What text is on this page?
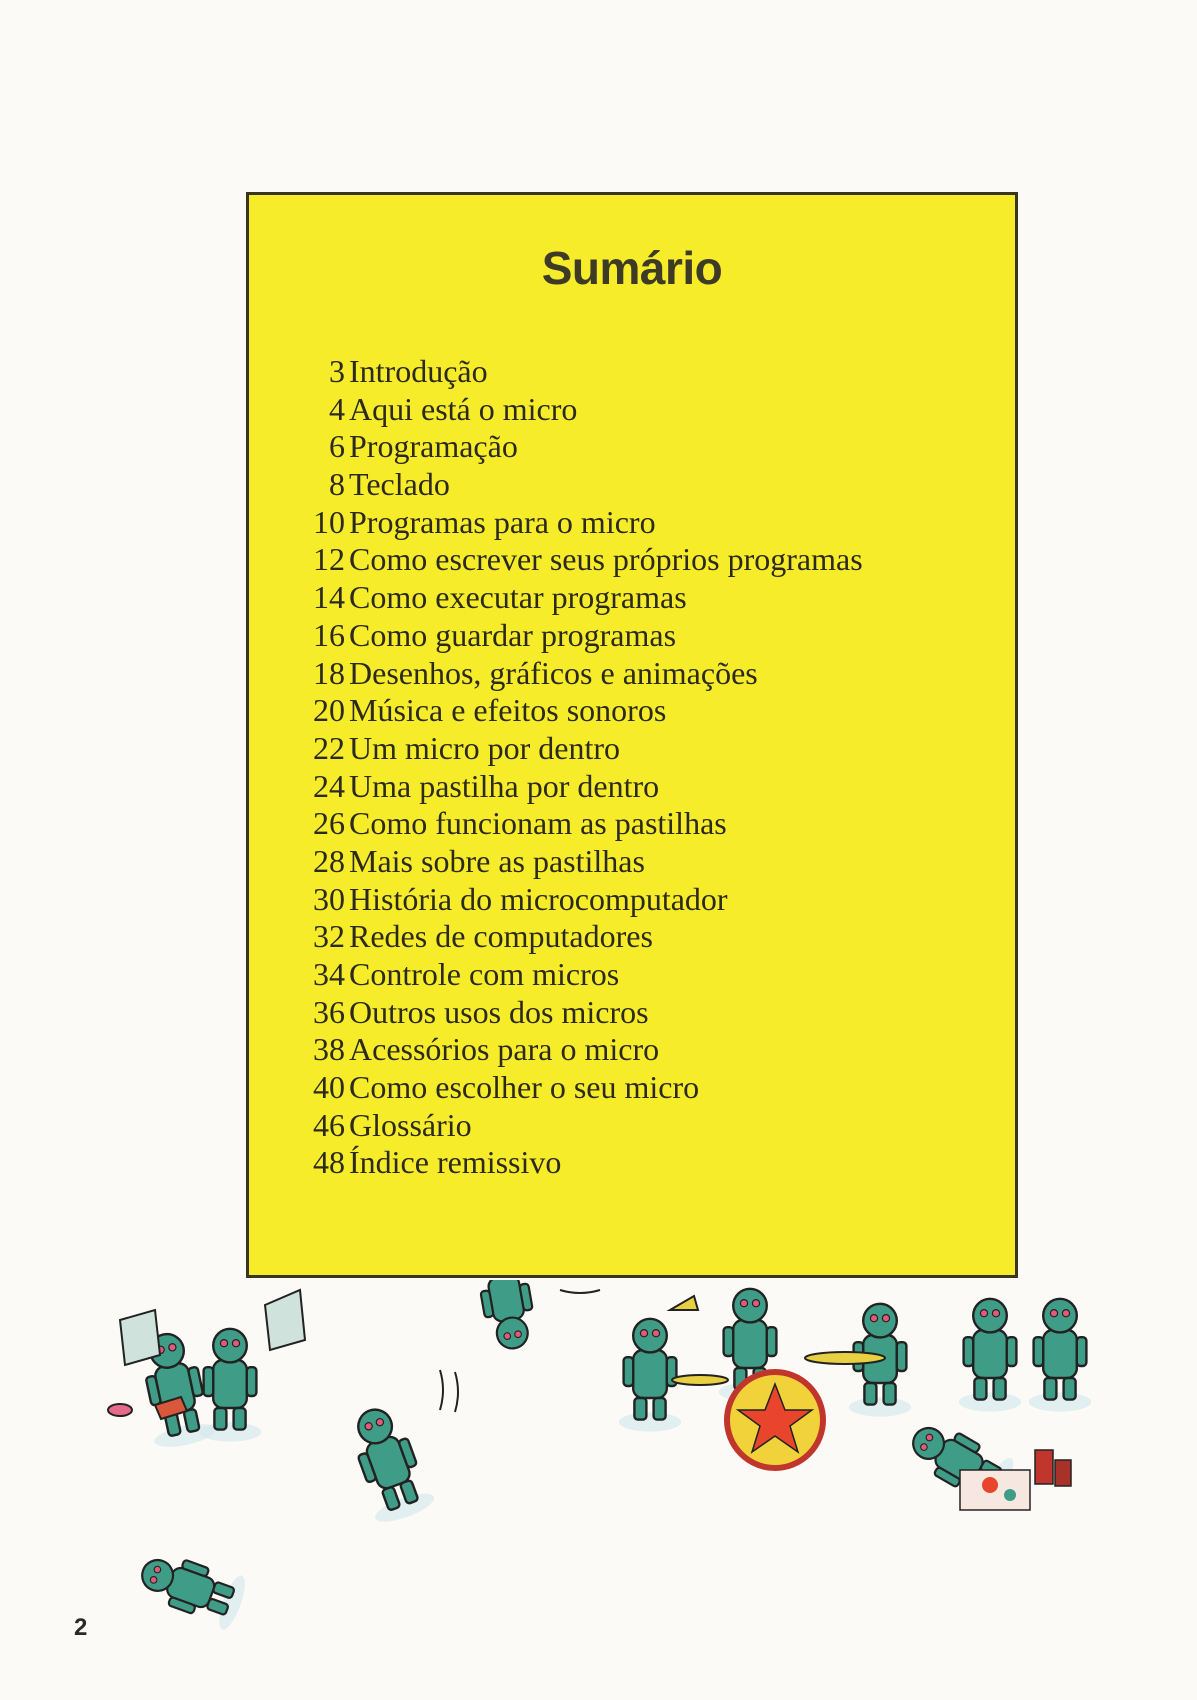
Sumário
3 Introdução
4 Aqui está o micro
6 Programação
8 Teclado
10 Programas para o micro
12 Como escrever seus próprios programas
14 Como executar programas
16 Como guardar programas
18 Desenhos, gráficos e animações
20 Música e efeitos sonoros
22 Um micro por dentro
24 Uma pastilha por dentro
26 Como funcionam as pastilhas
28 Mais sobre as pastilhas
30 História do microcomputador
32 Redes de computadores
34 Controle com micros
36 Outros usos dos micros
38 Acessórios para o micro
40 Como escolher o seu micro
46 Glossário
48 Índice remissivo
2
